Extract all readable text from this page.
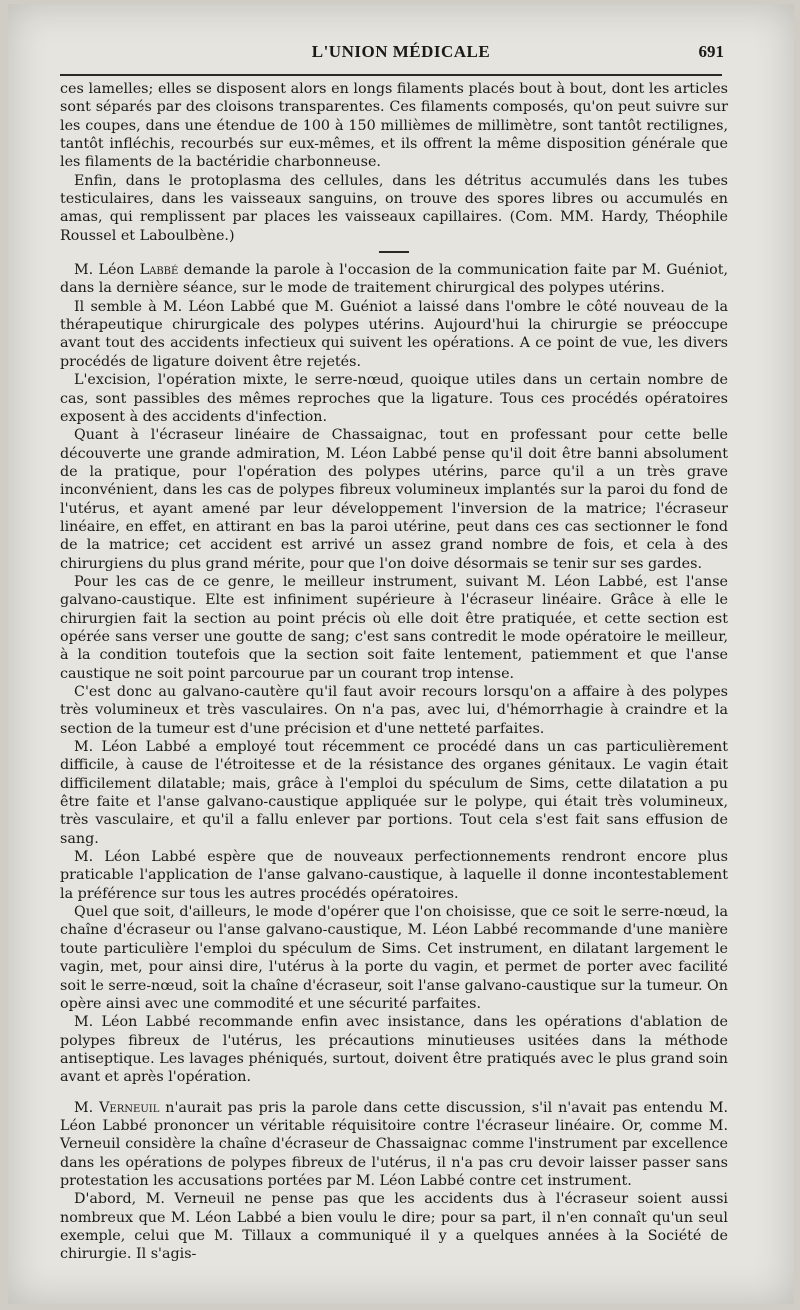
L'UNION MÉDICALE	691

ces lamelles; elles se disposent alors en longs filaments placés bout à bout, dont les articles sont séparés par des cloisons transparentes. Ces filaments composés, qu'on peut suivre sur les coupes, dans une étendue de 100 à 150 millièmes de millimètre, sont tantôt rectilignes, tantôt infléchis, recourbés sur eux-mêmes, et ils offrent la même disposition générale que les filaments de la bactéridie charbonneuse.

Enfin, dans le protoplasma des cellules, dans les détritus accumulés dans les tubes testiculaires, dans les vaisseaux sanguins, on trouve des spores libres ou accumulés en amas, qui remplissent par places les vaisseaux capillaires. (Com. MM. Hardy, Théophile Roussel et Laboulbène.)

M. Léon Labbé demande la parole à l'occasion de la communication faite par M. Guéniot, dans la dernière séance, sur le mode de traitement chirurgical des polypes utérins.

Il semble à M. Léon Labbé que M. Guéniot a laissé dans l'ombre le côté nouveau de la thérapeutique chirurgicale des polypes utérins. Aujourd'hui la chirurgie se préoccupe avant tout des accidents infectieux qui suivent les opérations. A ce point de vue, les divers procédés de ligature doivent être rejetés.

L'excision, l'opération mixte, le serre-nœud, quoique utiles dans un certain nombre de cas, sont passibles des mêmes reproches que la ligature. Tous ces procédés opératoires exposent à des accidents d'infection.

Quant à l'écraseur linéaire de Chassaignac, tout en professant pour cette belle découverte une grande admiration, M. Léon Labbé pense qu'il doit être banni absolument de la pratique, pour l'opération des polypes utérins, parce qu'il a un très grave inconvénient, dans les cas de polypes fibreux volumineux implantés sur la paroi du fond de l'utérus, et ayant amené par leur développement l'inversion de la matrice; l'écraseur linéaire, en effet, en attirant en bas la paroi utérine, peut dans ces cas sectionner le fond de la matrice; cet accident est arrivé un assez grand nombre de fois, et cela à des chirurgiens du plus grand mérite, pour que l'on doive désormais se tenir sur ses gardes.

Pour les cas de ce genre, le meilleur instrument, suivant M. Léon Labbé, est l'anse galvano-caustique. Elte est infiniment supérieure à l'écraseur linéaire. Grâce à elle le chirurgien fait la section au point précis où elle doit être pratiquée, et cette section est opérée sans verser une goutte de sang; c'est sans contredit le mode opératoire le meilleur, à la condition toutefois que la section soit faite lentement, patiemment et que l'anse caustique ne soit point parcourue par un courant trop intense.

C'est donc au galvano-cautère qu'il faut avoir recours lorsqu'on a affaire à des polypes très volumineux et très vasculaires. On n'a pas, avec lui, d'hémorrhagie à craindre et la section de la tumeur est d'une précision et d'une netteté parfaites.

M. Léon Labbé a employé tout récemment ce procédé dans un cas particulièrement difficile, à cause de l'étroitesse et de la résistance des organes génitaux. Le vagin était difficilement dilatable; mais, grâce à l'emploi du spéculum de Sims, cette dilatation a pu être faite et l'anse galvano-caustique appliquée sur le polype, qui était très volumineux, très vasculaire, et qu'il a fallu enlever par portions. Tout cela s'est fait sans effusion de sang.

M. Léon Labbé espère que de nouveaux perfectionnements rendront encore plus praticable l'application de l'anse galvano-caustique, à laquelle il donne incontestablement la préférence sur tous les autres procédés opératoires.

Quel que soit, d'ailleurs, le mode d'opérer que l'on choisisse, que ce soit le serre-nœud, la chaîne d'écraseur ou l'anse galvano-caustique, M. Léon Labbé recommande d'une manière toute particulière l'emploi du spéculum de Sims. Cet instrument, en dilatant largement le vagin, met, pour ainsi dire, l'utérus à la porte du vagin, et permet de porter avec facilité soit le serre-nœud, soit la chaîne d'écraseur, soit l'anse galvano-caustique sur la tumeur. On opère ainsi avec une commodité et une sécurité parfaites.

M. Léon Labbé recommande enfin avec insistance, dans les opérations d'ablation de polypes fibreux de l'utérus, les précautions minutieuses usitées dans la méthode antiseptique. Les lavages phéniqués, surtout, doivent être pratiqués avec le plus grand soin avant et après l'opération.

M. Verneuil n'aurait pas pris la parole dans cette discussion, s'il n'avait pas entendu M. Léon Labbé prononcer un véritable réquisitoire contre l'écraseur linéaire. Or, comme M. Verneuil considère la chaîne d'écraseur de Chassaignac comme l'instrument par excellence dans les opérations de polypes fibreux de l'utérus, il n'a pas cru devoir laisser passer sans protestation les accusations portées par M. Léon Labbé contre cet instrument.

D'abord, M. Verneuil ne pense pas que les accidents dus à l'écraseur soient aussi nombreux que M. Léon Labbé a bien voulu le dire; pour sa part, il n'en connaît qu'un seul exemple, celui que M. Tillaux a communiqué il y a quelques années à la Société de chirurgie. Il s'agis-
